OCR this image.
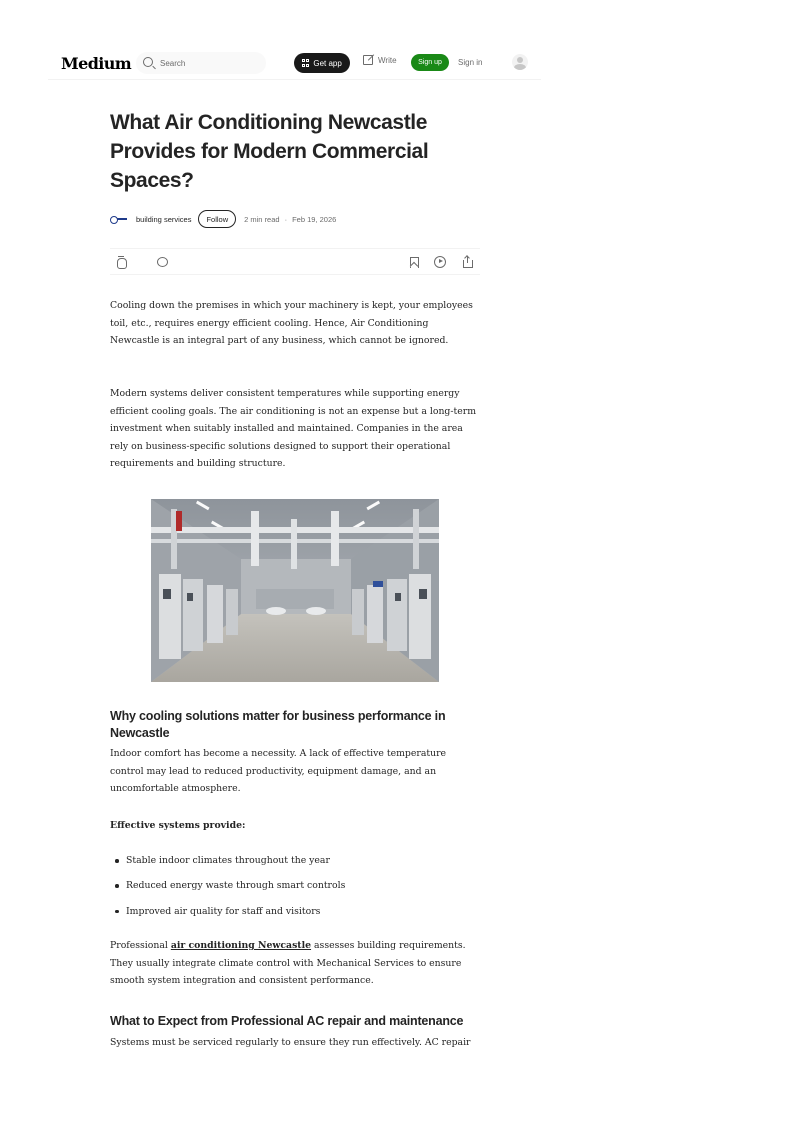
Medium
Search	Get app	Write	Sign up	Sign in
What Air Conditioning Newcastle Provides for Modern Commercial Spaces?
building services	Follow	2 min read · Feb 19, 2026

Cooling down the premises in which your machinery is kept, your employees toil, etc., requires energy efficient cooling. Hence, Air Conditioning Newcastle is an integral part of any business, which cannot be ignored.

Modern systems deliver consistent temperatures while supporting energy efficient cooling goals. The air conditioning is not an expense but a long-term investment when suitably installed and maintained. Companies in the area rely on business-specific solutions designed to support their operational requirements and building structure.

Why cooling solutions matter for business performance in Newcastle

Indoor comfort has become a necessity. A lack of effective temperature control may lead to reduced productivity, equipment damage, and an uncomfortable atmosphere.

Effective systems provide:

Stable indoor climates throughout the year
Reduced energy waste through smart controls
Improved air quality for staff and visitors

Professional air conditioning Newcastle assesses building requirements. They usually integrate climate control with Mechanical Services to ensure smooth system integration and consistent performance.

What to Expect from Professional AC repair and maintenance

Systems must be serviced regularly to ensure they run effectively. AC repair
